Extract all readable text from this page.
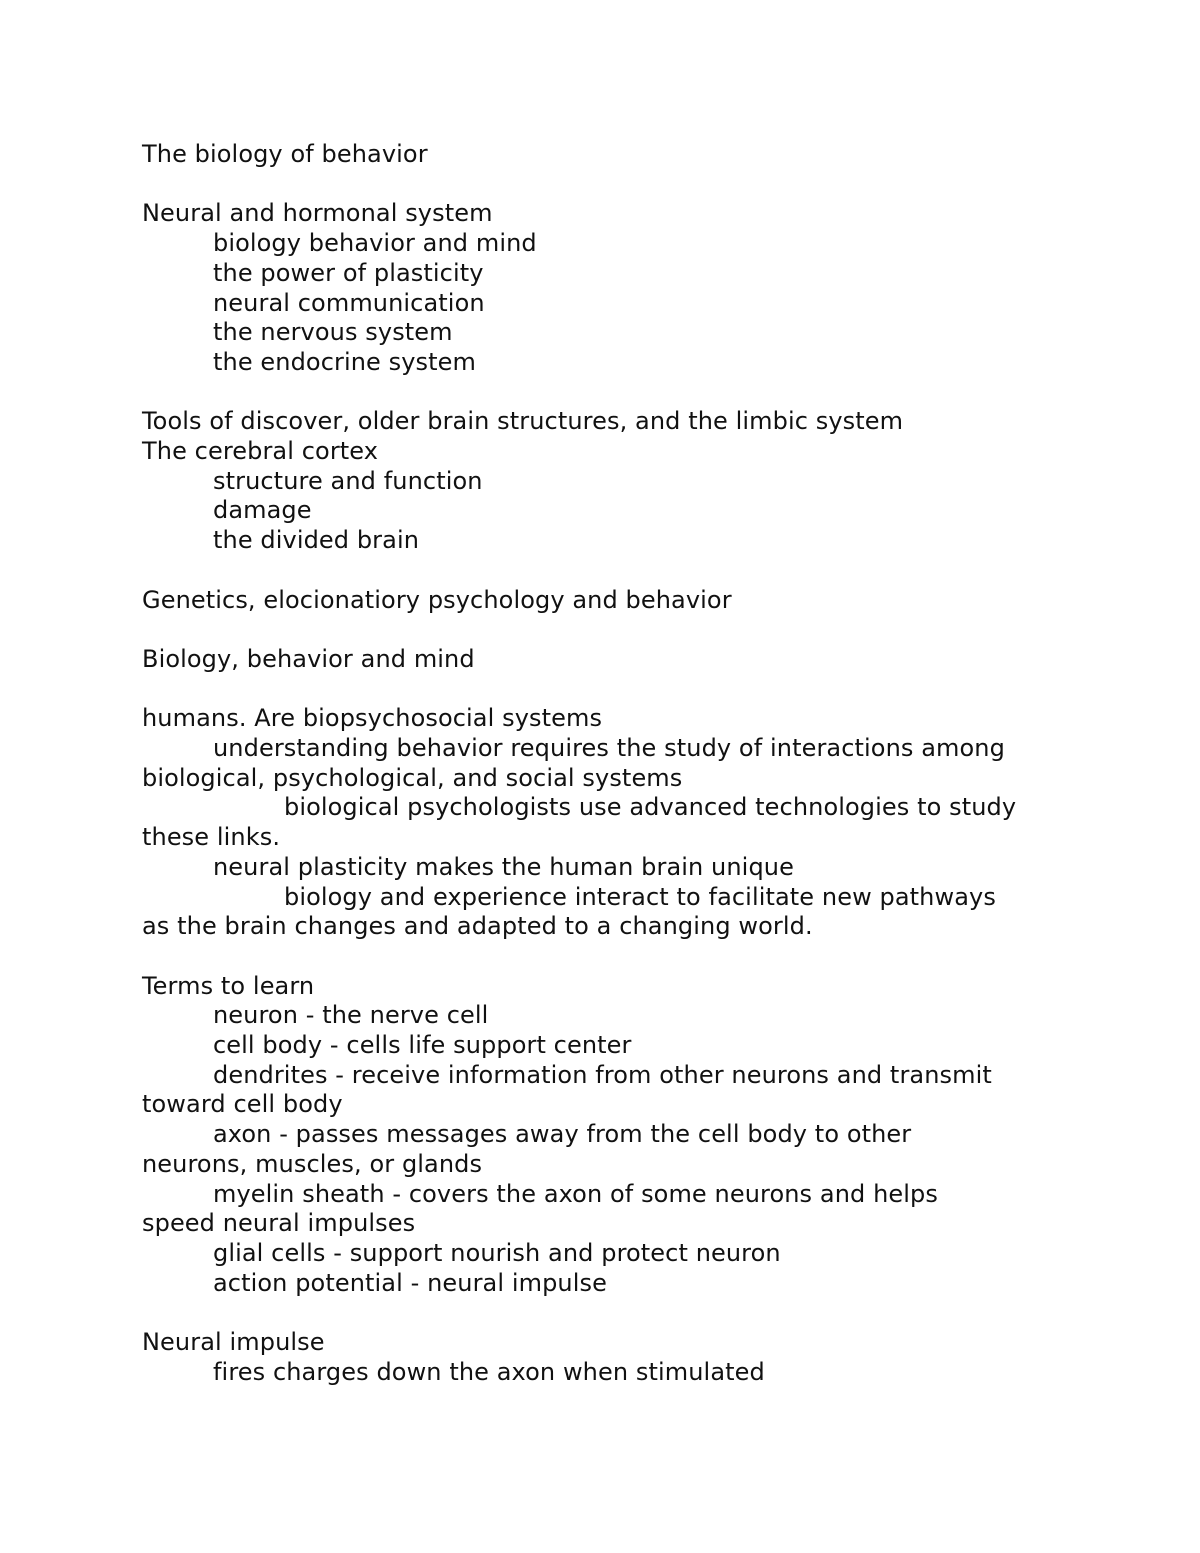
The biology of behavior
Neural and hormonal system
biology behavior and mind
the power of plasticity
neural communication
the nervous system
the endocrine system
Tools of discover, older brain structures, and the limbic system
The cerebral cortex
structure and function
damage
the divided brain
Genetics, elocionatiory psychology and behavior
Biology, behavior and mind
humans. Are biopsychosocial systems
understanding behavior requires the study of interactions among
biological, psychological, and social systems
biological psychologists use advanced technologies to study
these links.
neural plasticity makes the human brain unique
biology and experience interact to facilitate new pathways
as the brain changes and adapted to a changing world.
Terms to learn
neuron - the nerve cell
cell body - cells life support center
dendrites - receive information from other neurons and transmit
toward cell body
axon - passes messages away from the cell body to other
neurons, muscles, or glands
myelin sheath - covers the axon of some neurons and helps
speed neural impulses
glial cells - support nourish and protect neuron
action potential - neural impulse
Neural impulse
fires charges down the axon when stimulated
